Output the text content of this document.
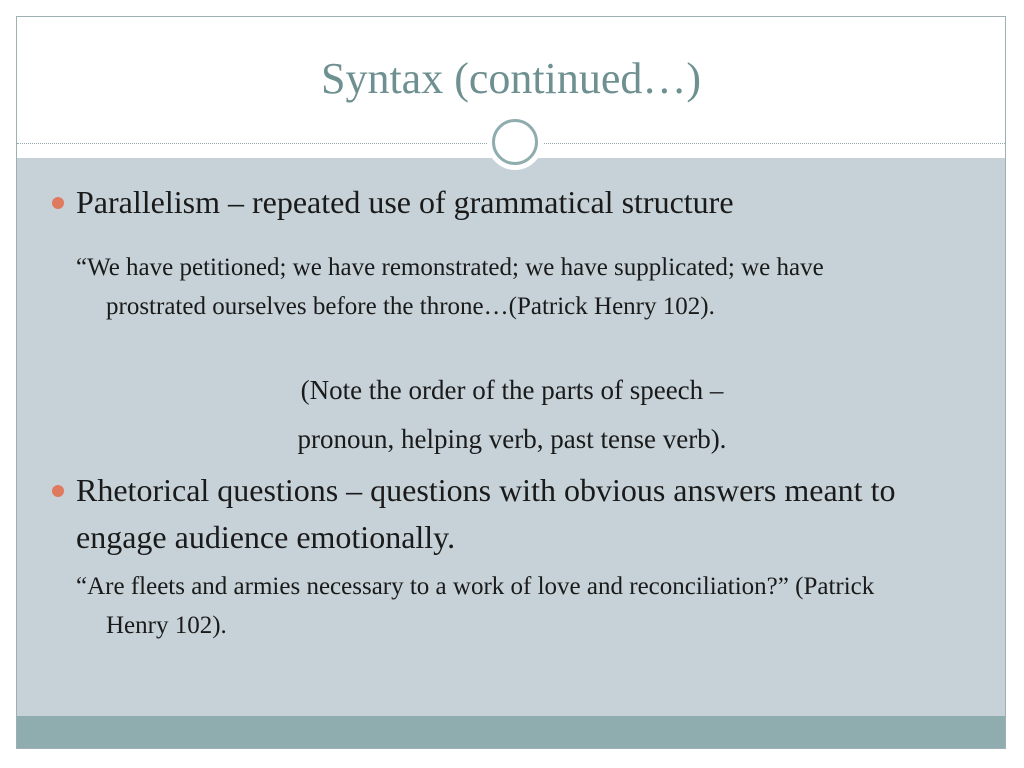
Syntax (continued…)
Parallelism – repeated use of grammatical structure
“We have petitioned; we have remonstrated; we have supplicated; we have prostrated ourselves before the throne…(Patrick Henry 102).
(Note the order of the parts of speech –
pronoun, helping verb, past tense verb).
Rhetorical questions – questions with obvious answers meant to engage audience emotionally.
“Are fleets and armies necessary to a work of love and reconciliation?” (Patrick Henry 102).
